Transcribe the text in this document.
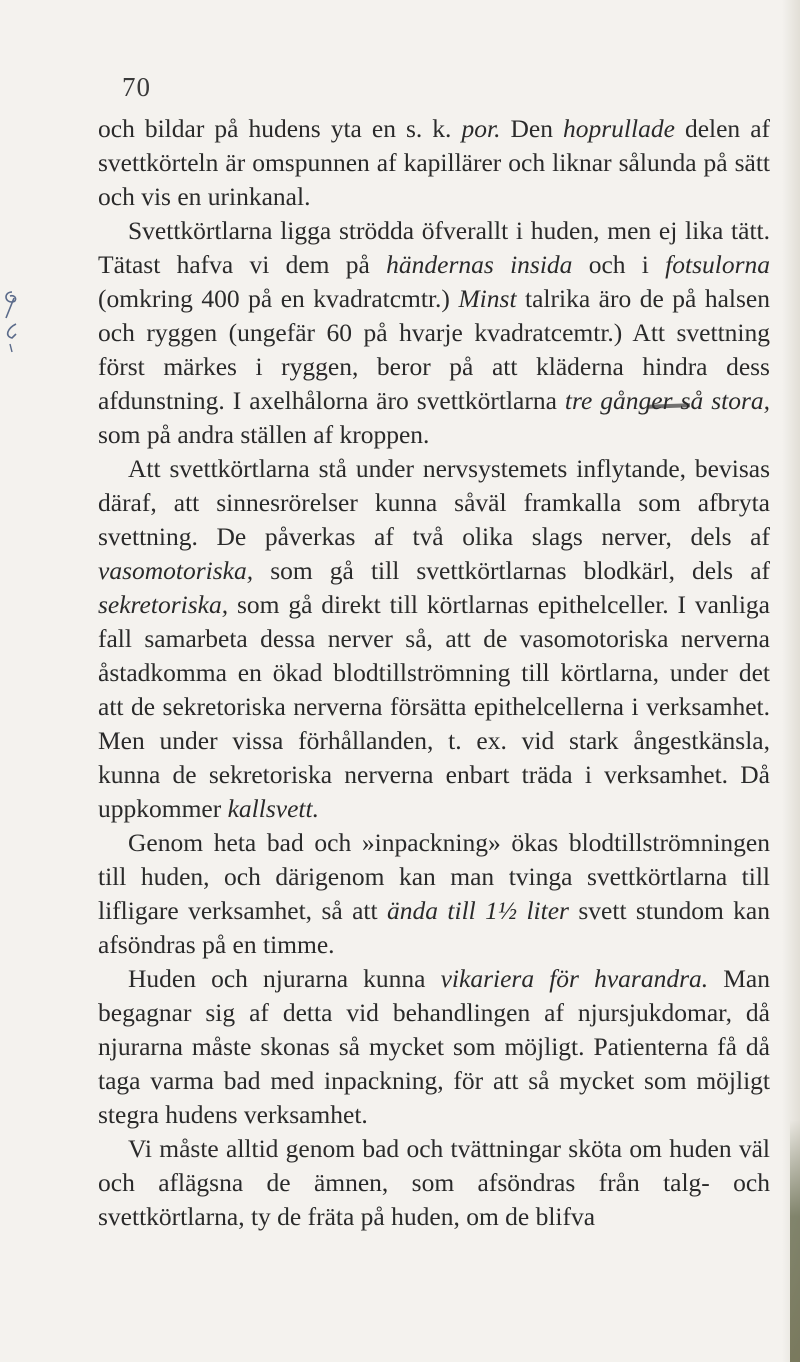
70

och bildar på hudens yta en s. k. por. Den hoprullade delen af svettkörteln är omspunnen af kapillärer och liknar sålunda på sätt och vis en urinkanal.

Svettkörtlarna ligga strödda öfverallt i huden, men ej lika tätt. Tätast hafva vi dem på händernas insida och i fotsulorna (omkring 400 på en kvadratcmtr.) Minst talrika äro de på halsen och ryggen (ungefär 60 på hvarje kvadratcemtr.) Att svettning först märkes i ryggen, beror på att kläderna hindra dess afdunstning. I axelhålorna äro svettkörtlarna tre gånger så stora, som på andra ställen af kroppen.

Att svettkörtlarna stå under nervsystemets inflytande, bevisas däraf, att sinnesrörelser kunna såväl framkalla som afbryta svettning. De påverkas af två olika slags nerver, dels af vasomotoriska, som gå till svettkörtlarnas blodkärl, dels af sekretoriska, som gå direkt till körtlarnas epithelceller. I vanliga fall samarbeta dessa nerver så, att de vasomotoriska nerverna åstadkomma en ökad blodtillströmning till körtlarna, under det att de sekretoriska nerverna försätta epithelcellerna i verksamhet. Men under vissa förhållanden, t. ex. vid stark ångestkänsla, kunna de sekretoriska nerverna enbart träda i verksamhet. Då uppkommer kallsvett.

Genom heta bad och »inpackning» ökas blodtillströmningen till huden, och därigenom kan man tvinga svettkörtlarna till lifligare verksamhet, så att ända till 1½ liter svett stundom kan afsöndras på en timme.

Huden och njurarna kunna vikariera för hvarandra. Man begagnar sig af detta vid behandlingen af njursjukdomar, då njurarna måste skonas så mycket som möjligt. Patienterna få då taga varma bad med inpackning, för att så mycket som möjligt stegra hudens verksamhet.

Vi måste alltid genom bad och tvättningar sköta om huden väl och aflägsna de ämnen, som afsöndras från talg- och svettkörtlarna, ty de fräta på huden, om de blifva
